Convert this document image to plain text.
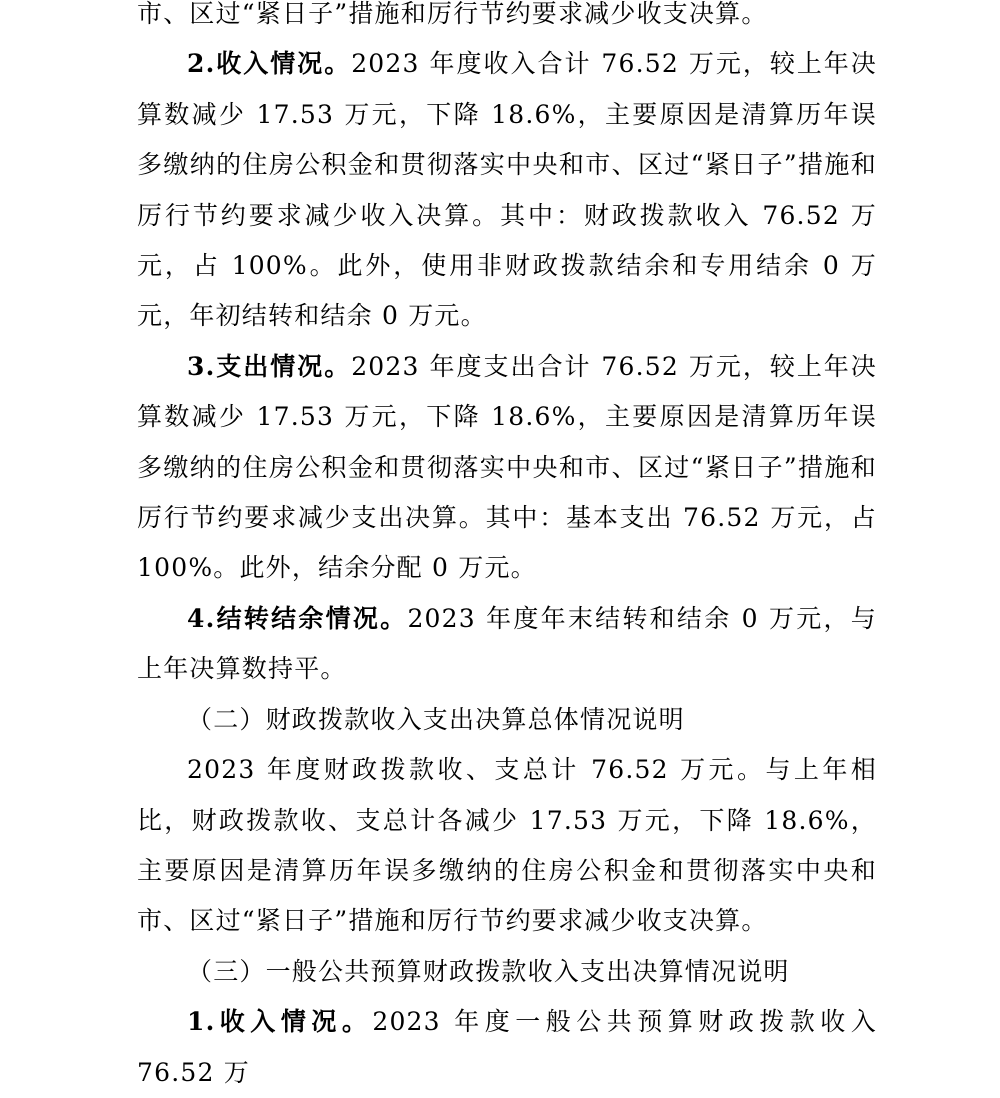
市、区过“紧日子”措施和厉行节约要求减少收支决算。

2.收入情况。2023 年度收入合计 76.52 万元，较上年决算数减少 17.53 万元，下降 18.6%，主要原因是清算历年误多缴纳的住房公积金和贯彻落实中央和市、区过“紧日子”措施和厉行节约要求减少收入决算。其中：财政拨款收入 76.52 万元，占 100%。此外，使用非财政拨款结余和专用结余 0 万元，年初结转和结余 0 万元。

3.支出情况。2023 年度支出合计 76.52 万元，较上年决算数减少 17.53 万元，下降 18.6%，主要原因是清算历年误多缴纳的住房公积金和贯彻落实中央和市、区过“紧日子”措施和厉行节约要求减少支出决算。其中：基本支出 76.52 万元，占 100%。此外，结余分配 0 万元。

4.结转结余情况。2023 年度年末结转和结余 0 万元，与上年决算数持平。

（二）财政拨款收入支出决算总体情况说明

2023 年度财政拨款收、支总计 76.52 万元。与上年相比，财政拨款收、支总计各减少 17.53 万元，下降 18.6%，主要原因是清算历年误多缴纳的住房公积金和贯彻落实中央和市、区过“紧日子”措施和厉行节约要求减少收支决算。

（三）一般公共预算财政拨款收入支出决算情况说明

1.收入情况。2023 年度一般公共预算财政拨款收入 76.52 万
